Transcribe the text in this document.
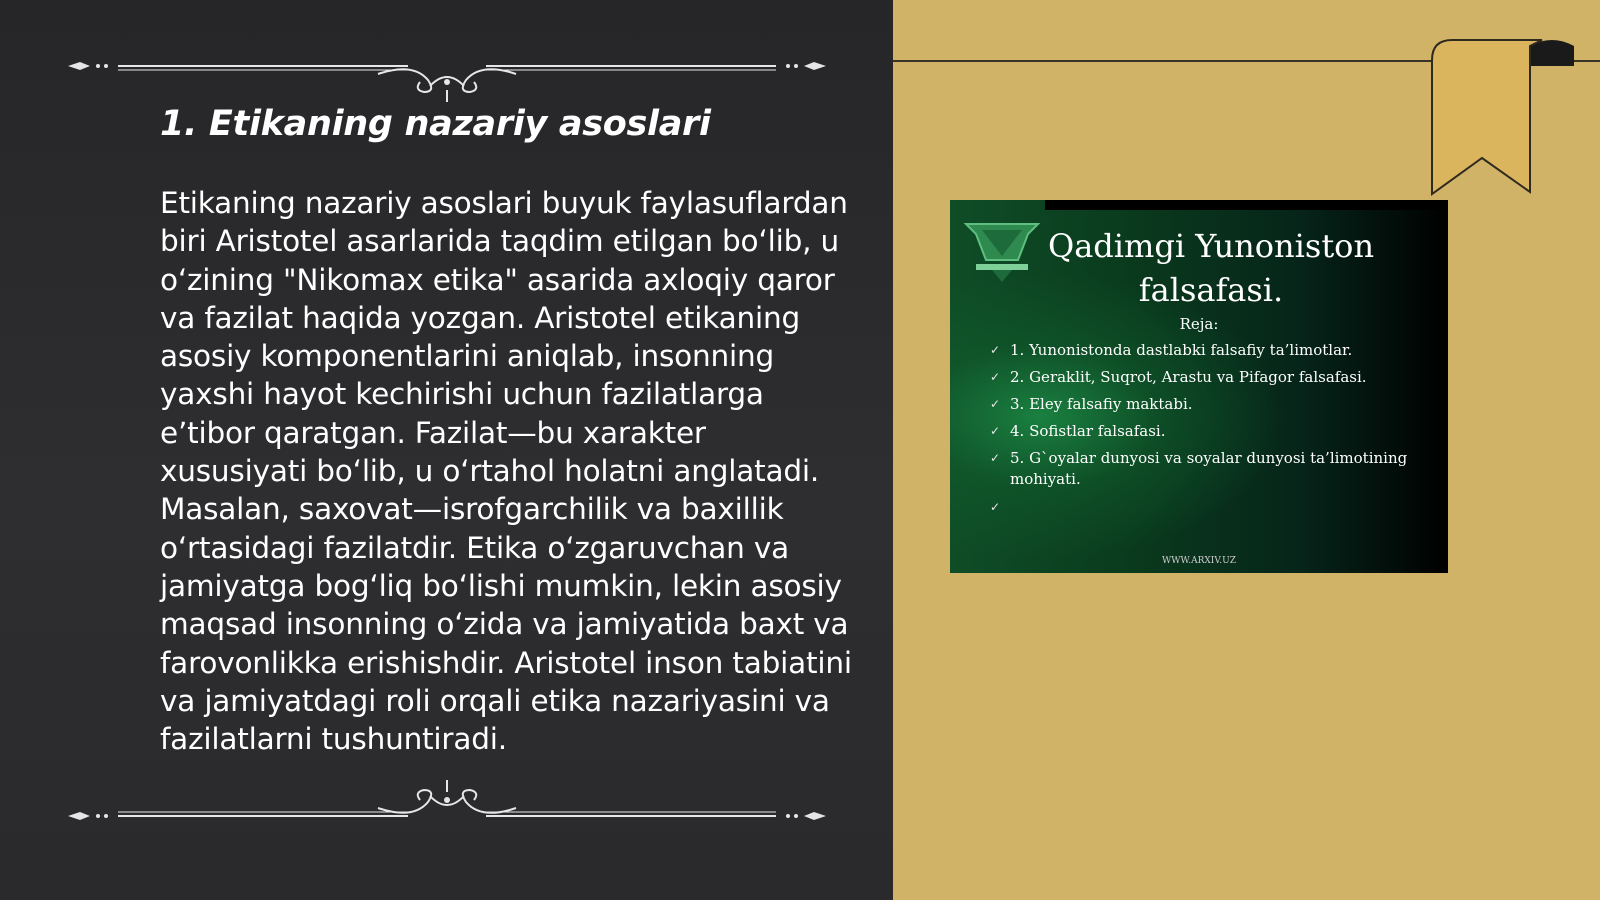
1. Etikaning nazariy asoslari

Etikaning nazariy asoslari buyuk faylasuflardan biri Aristotel asarlarida taqdim etilgan boʻlib, u oʻzining "Nikomax etika" asarida axloqiy qaror va fazilat haqida yozgan. Aristotel etikaning asosiy komponentlarini aniqlab, insonning yaxshi hayot kechirishi uchun fazilatlarga eʼtibor qaratgan. Fazilat—bu xarakter xususiyati boʻlib, u oʻrtahol holatni anglatadi. Masalan, saxovat—isrofgarchilik va baxillik oʻrtasidagi fazilatdir. Etika oʻzgaruvchan va jamiyatga bogʻliq boʻlishi mumkin, lekin asosiy maqsad insonning oʻzida va jamiyatida baxt va farovonlikka erishishdir. Aristotel inson tabiatini va jamiyatdagi roli orqali etika nazariyasini va fazilatlarni tushuntiradi.

Qadimgi Yunoniston falsafasi.
Reja:
✓ 1. Yunonistonda dastlabki falsafiy ta’limotlar.
✓ 2. Geraklit, Suqrot, Arastu va Pifagor falsafasi.
✓ 3. Eley falsafiy maktabi.
✓ 4. Sofistlar falsafasi.
✓ 5. G`oyalar dunyosi va soyalar dunyosi ta’limotining mohiyati.
✓
WWW.ARXIV.UZ
